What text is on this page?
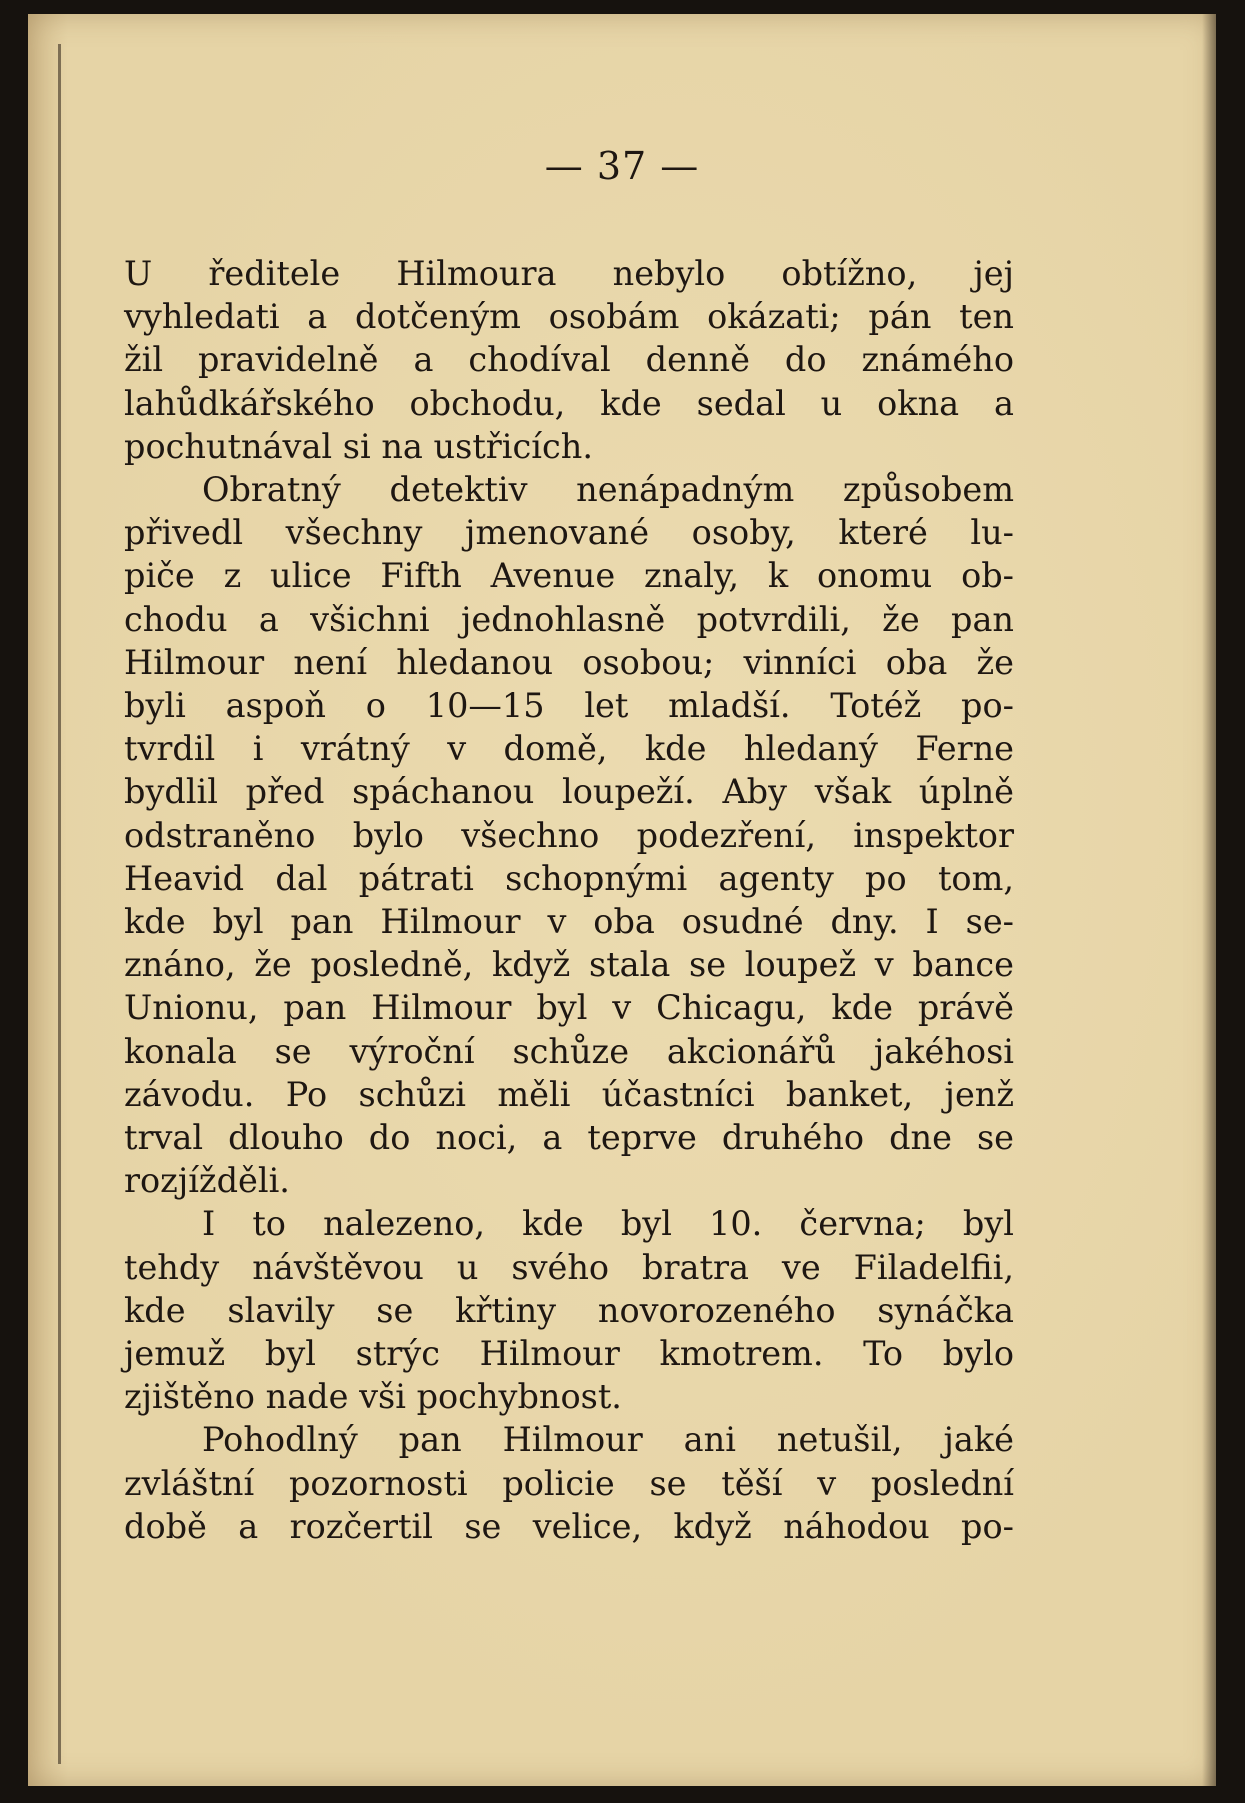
— 37 —
U ředitele Hilmoura nebylo obtížno, jej
vyhledati a dotčeným osobám okázati; pán ten
žil pravidelně a chodíval denně do známého
lahůdkářského obchodu, kde sedal u okna a
pochutnával si na ustřicích.
Obratný detektiv nenápadným způsobem
přivedl všechny jmenované osoby, které lu-
piče z ulice Fifth Avenue znaly, k onomu ob-
chodu a všichni jednohlasně potvrdili, že pan
Hilmour není hledanou osobou; vinníci oba že
byli aspoň o 10—15 let mladší. Totéž po-
tvrdil i vrátný v domě, kde hledaný Ferne
bydlil před spáchanou loupeží. Aby však úplně
odstraněno bylo všechno podezření, inspektor
Heavid dal pátrati schopnými agenty po tom,
kde byl pan Hilmour v oba osudné dny. I se-
znáno, že posledně, když stala se loupež v bance
Unionu, pan Hilmour byl v Chicagu, kde právě
konala se výroční schůze akcionářů jakéhosi
závodu. Po schůzi měli účastníci banket, jenž
trval dlouho do noci, a teprve druhého dne se
rozjížděli.
I to nalezeno, kde byl 10. června; byl
tehdy návštěvou u svého bratra ve Filadelfii,
kde slavily se křtiny novorozeného synáčka
jemuž byl strýc Hilmour kmotrem. To bylo
zjištěno nade vši pochybnost.
Pohodlný pan Hilmour ani netušil, jaké
zvláštní pozornosti policie se těší v poslední
době a rozčertil se velice, když náhodou po-
